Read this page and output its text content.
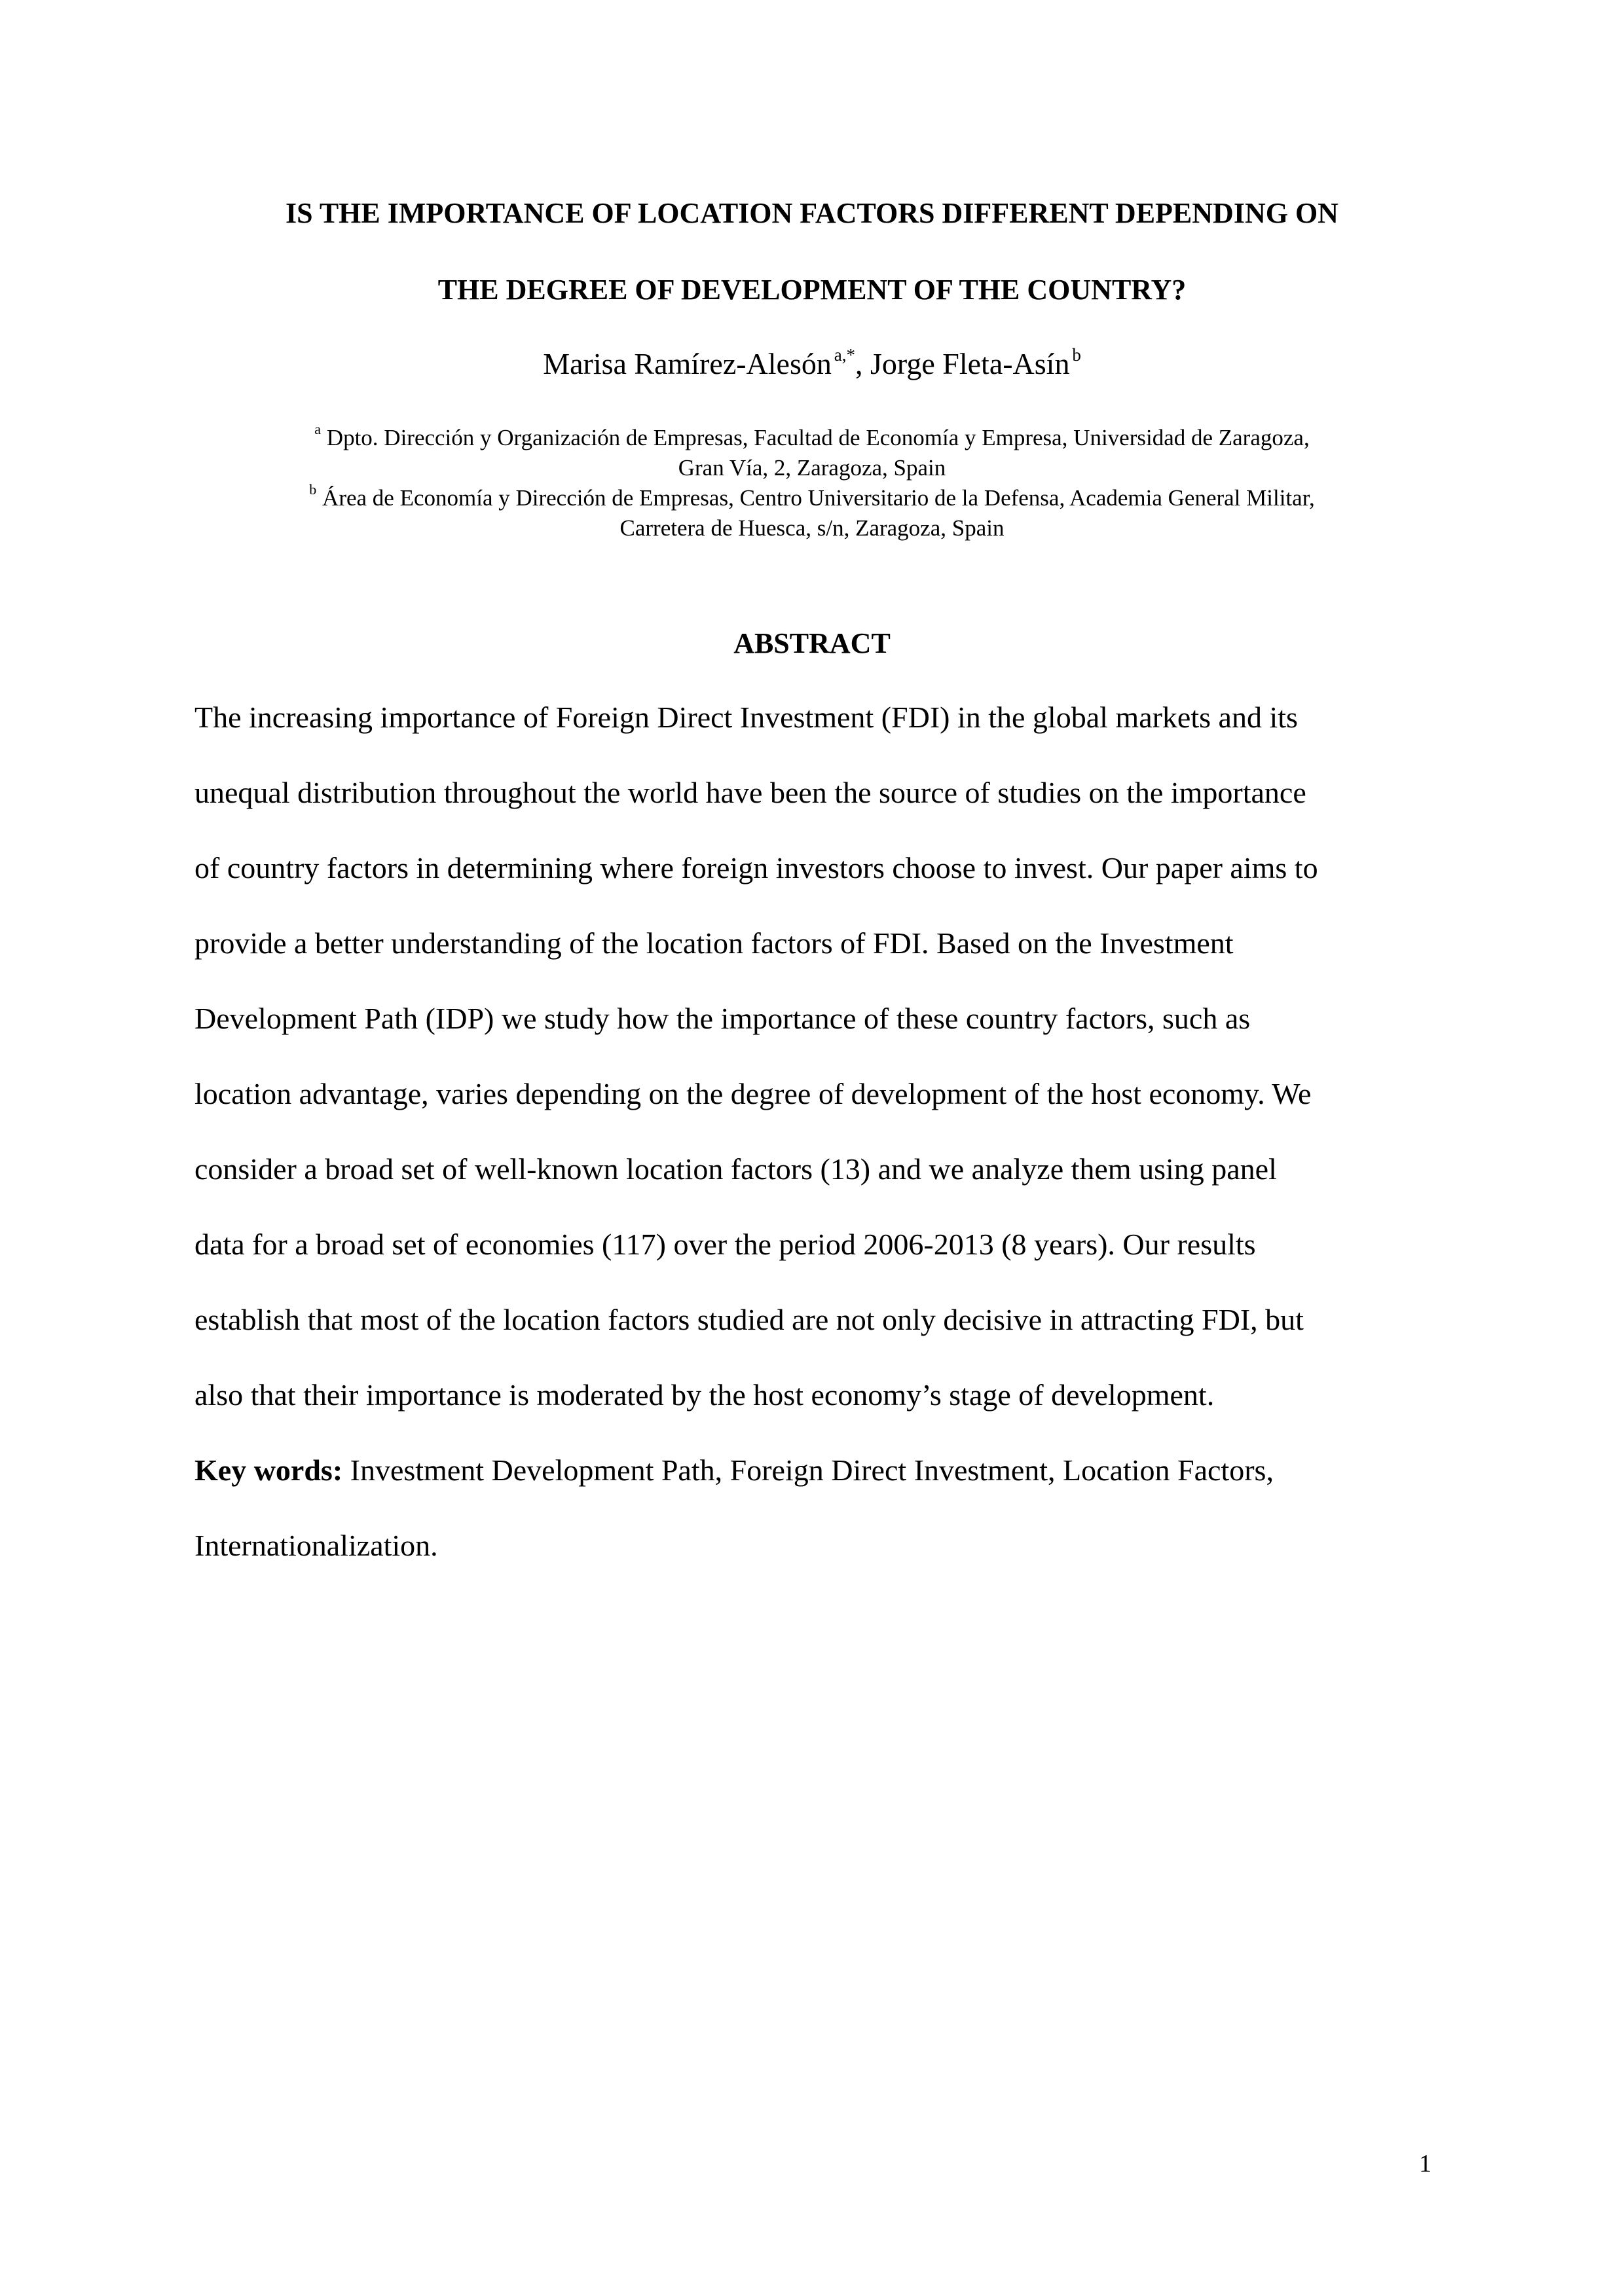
IS THE IMPORTANCE OF LOCATION FACTORS DIFFERENT DEPENDING ON
THE DEGREE OF DEVELOPMENT OF THE COUNTRY?
Marisa Ramírez-Alesón  $^{a,*}$, Jorge Fleta-Asín  $^b$
$^a$ Dpto. Dirección y Organización de Empresas, Facultad de Economía y Empresa, Universidad de Zaragoza,
Gran Vía, 2, Zaragoza, Spain
$^b$ Área de Economía y Dirección de Empresas, Centro Universitario de la Defensa, Academia General Militar,
Carretera de Huesca, s/n, Zaragoza, Spain
ABSTRACT
The increasing importance of Foreign Direct Investment (FDI) in the global markets and its
unequal distribution throughout the world have been the source of studies on the importance
of country factors in determining where foreign investors choose to invest. Our paper aims to
provide a better understanding of the location factors of FDI. Based on the Investment
Development Path (IDP) we study how the importance of these country factors, such as
location advantage, varies depending on the degree of development of the host economy. We
consider a broad set of well-known location factors (13) and we analyze them using panel
data for a broad set of economies (117) over the period 2006-2013 (8 years). Our results
establish that most of the location factors studied are not only decisive in attracting FDI, but
also that their importance is moderated by the host economy’s stage of development.
Key words: Investment Development Path, Foreign Direct Investment, Location Factors,
Internationalization.
1
